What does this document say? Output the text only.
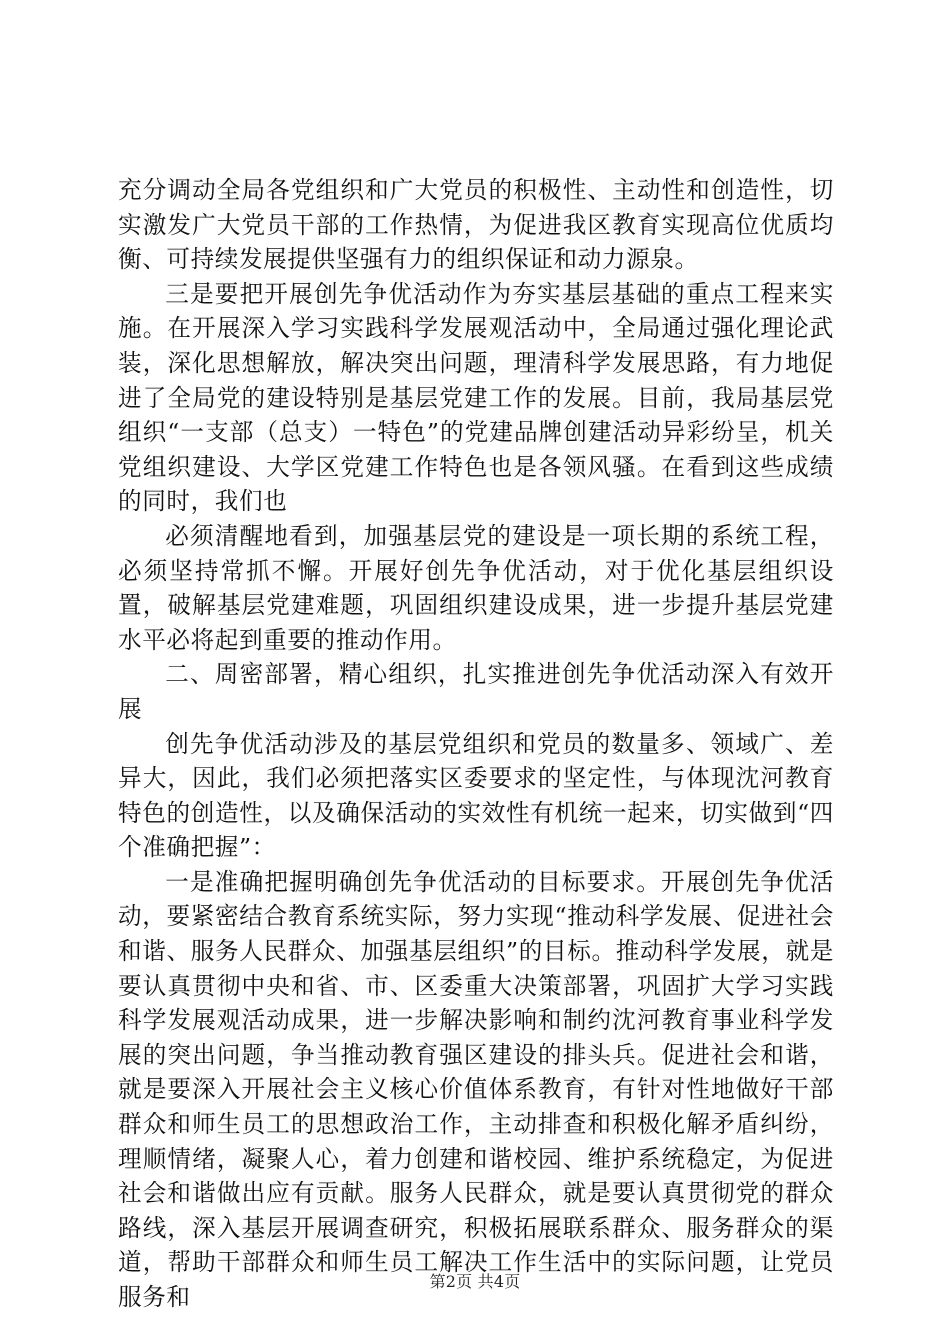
充分调动全局各党组织和广大党员的积极性、主动性和创造性，切实激发广大党员干部的工作热情，为促进我区教育实现高位优质均衡、可持续发展提供坚强有力的组织保证和动力源泉。

三是要把开展创先争优活动作为夯实基层基础的重点工程来实施。在开展深入学习实践科学发展观活动中，全局通过强化理论武装，深化思想解放，解决突出问题，理清科学发展思路，有力地促进了全局党的建设特别是基层党建工作的发展。目前，我局基层党组织“一支部（总支）一特色”的党建品牌创建活动异彩纷呈，机关党组织建设、大学区党建工作特色也是各领风骚。在看到这些成绩的同时，我们也

必须清醒地看到，加强基层党的建设是一项长期的系统工程，必须坚持常抓不懈。开展好创先争优活动，对于优化基层组织设置，破解基层党建难题，巩固组织建设成果，进一步提升基层党建水平必将起到重要的推动作用。

二、周密部署，精心组织，扎实推进创先争优活动深入有效开展

创先争优活动涉及的基层党组织和党员的数量多、领域广、差异大，因此，我们必须把落实区委要求的坚定性，与体现沈河教育特色的创造性，以及确保活动的实效性有机统一起来，切实做到“四个准确把握”：

一是准确把握明确创先争优活动的目标要求。开展创先争优活动，要紧密结合教育系统实际，努力实现“推动科学发展、促进社会和谐、服务人民群众、加强基层组织”的目标。推动科学发展，就是要认真贯彻中央和省、市、区委重大决策部署，巩固扩大学习实践科学发展观活动成果，进一步解决影响和制约沈河教育事业科学发展的突出问题，争当推动教育强区建设的排头兵。促进社会和谐，就是要深入开展社会主义核心价值体系教育，有针对性地做好干部群众和师生员工的思想政治工作，主动排查和积极化解矛盾纠纷，理顺情绪，凝聚人心，着力创建和谐校园、维护系统稳定，为促进社会和谐做出应有贡献。服务人民群众，就是要认真贯彻党的群众路线，深入基层开展调查研究，积极拓展联系群众、服务群众的渠道，帮助干部群众和师生员工解决工作生活中的实际问题，让党员服务和

第2页 共4页
